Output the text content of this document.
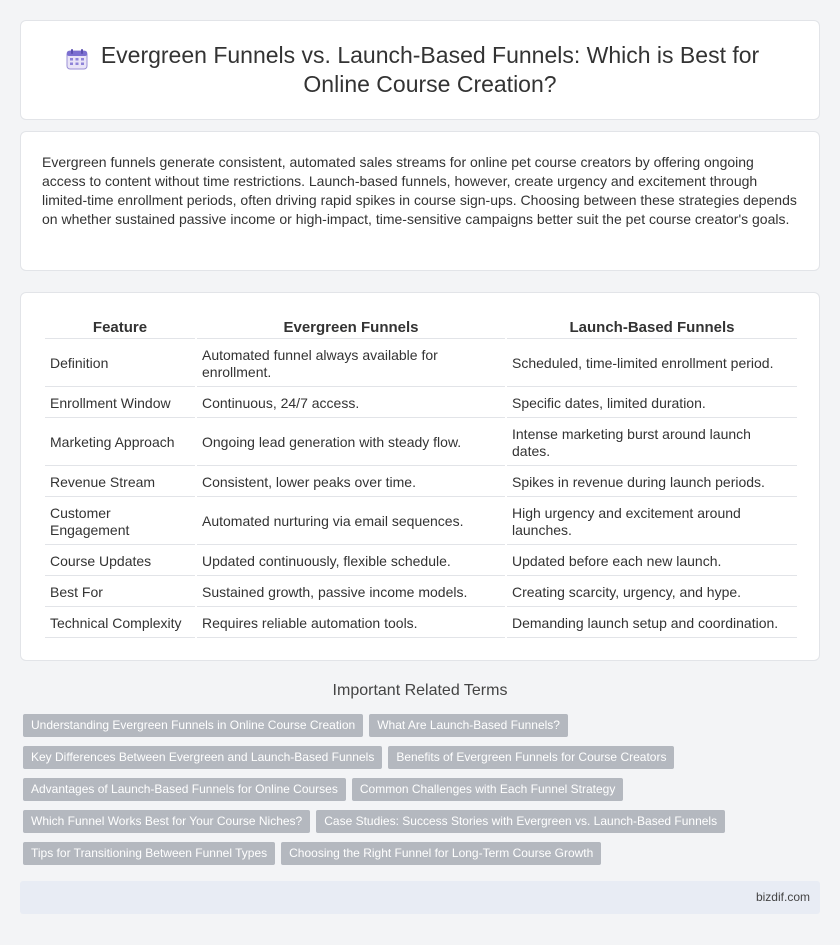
Evergreen Funnels vs. Launch-Based Funnels: Which is Best for Online Course Creation?

Evergreen funnels generate consistent, automated sales streams for online pet course creators by offering ongoing access to content without time restrictions. Launch-based funnels, however, create urgency and excitement through limited-time enrollment periods, often driving rapid spikes in course sign-ups. Choosing between these strategies depends on whether sustained passive income or high-impact, time-sensitive campaigns better suit the pet course creator's goals.

Feature	Evergreen Funnels	Launch-Based Funnels
Definition	Automated funnel always available for enrollment.	Scheduled, time-limited enrollment period.
Enrollment Window	Continuous, 24/7 access.	Specific dates, limited duration.
Marketing Approach	Ongoing lead generation with steady flow.	Intense marketing burst around launch dates.
Revenue Stream	Consistent, lower peaks over time.	Spikes in revenue during launch periods.
Customer Engagement	Automated nurturing via email sequences.	High urgency and excitement around launches.
Course Updates	Updated continuously, flexible schedule.	Updated before each new launch.
Best For	Sustained growth, passive income models.	Creating scarcity, urgency, and hype.
Technical Complexity	Requires reliable automation tools.	Demanding launch setup and coordination.
Important Related Terms
Understanding Evergreen Funnels in Online Course Creation	What Are Launch-Based Funnels?
Key Differences Between Evergreen and Launch-Based Funnels	Benefits of Evergreen Funnels for Course Creators
Advantages of Launch-Based Funnels for Online Courses	Common Challenges with Each Funnel Strategy
Which Funnel Works Best for Your Course Niches?	Case Studies: Success Stories with Evergreen vs. Launch-Based Funnels
Tips for Transitioning Between Funnel Types	Choosing the Right Funnel for Long-Term Course Growth
bizdif.com
